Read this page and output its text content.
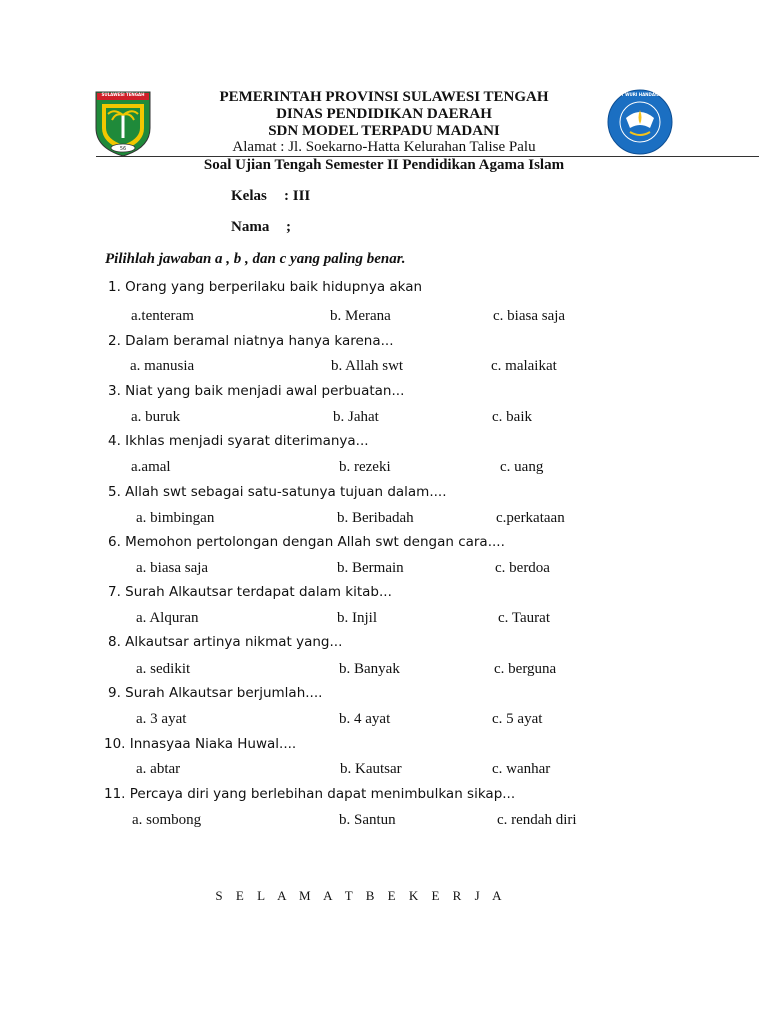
56
SULAWESI TENGAH	TUT WURI HANDAYANI
PEMERINTAH PROVINSI SULAWESI TENGAH
DINAS PENDIDIKAN DAERAH
SDN MODEL TERPADU MADANI
Alamat : Jl. Soekarno-Hatta Kelurahan Talise Palu
Soal Ujian Tengah Semester II Pendidikan Agama Islam
Kelas : III
Nama ;
Pilihlah jawaban a , b , dan c yang paling benar.
1. Orang yang berperilaku baik hidupnya akan
a.tenteram	b. Merana	c. biasa saja
2. Dalam beramal niatnya hanya karena...
a. manusia	b. Allah swt	c. malaikat
3. Niat yang baik menjadi awal perbuatan...
a. buruk	b. Jahat	c. baik
4. Ikhlas menjadi syarat diterimanya...
a.amal	b. rezeki	c. uang
5. Allah swt sebagai satu-satunya tujuan dalam....
a. bimbingan	b. Beribadah	c.perkataan
6. Memohon pertolongan dengan Allah swt dengan cara....
a. biasa saja	b. Bermain	c. berdoa
7. Surah Alkautsar terdapat dalam kitab...
a. Alquran	b. Injil	c. Taurat
8. Alkautsar artinya nikmat yang...
a. sedikit	b. Banyak	c. berguna
9. Surah Alkautsar berjumlah....
a. 3 ayat	b. 4 ayat	c. 5 ayat
10. Innasyaa Niaka Huwal....
a. abtar	b. Kautsar	c. wanhar
11. Percaya diri yang berlebihan dapat menimbulkan sikap...
a. sombong	b. Santun	c. rendah diri
S E L A M A T B E K E R J A
